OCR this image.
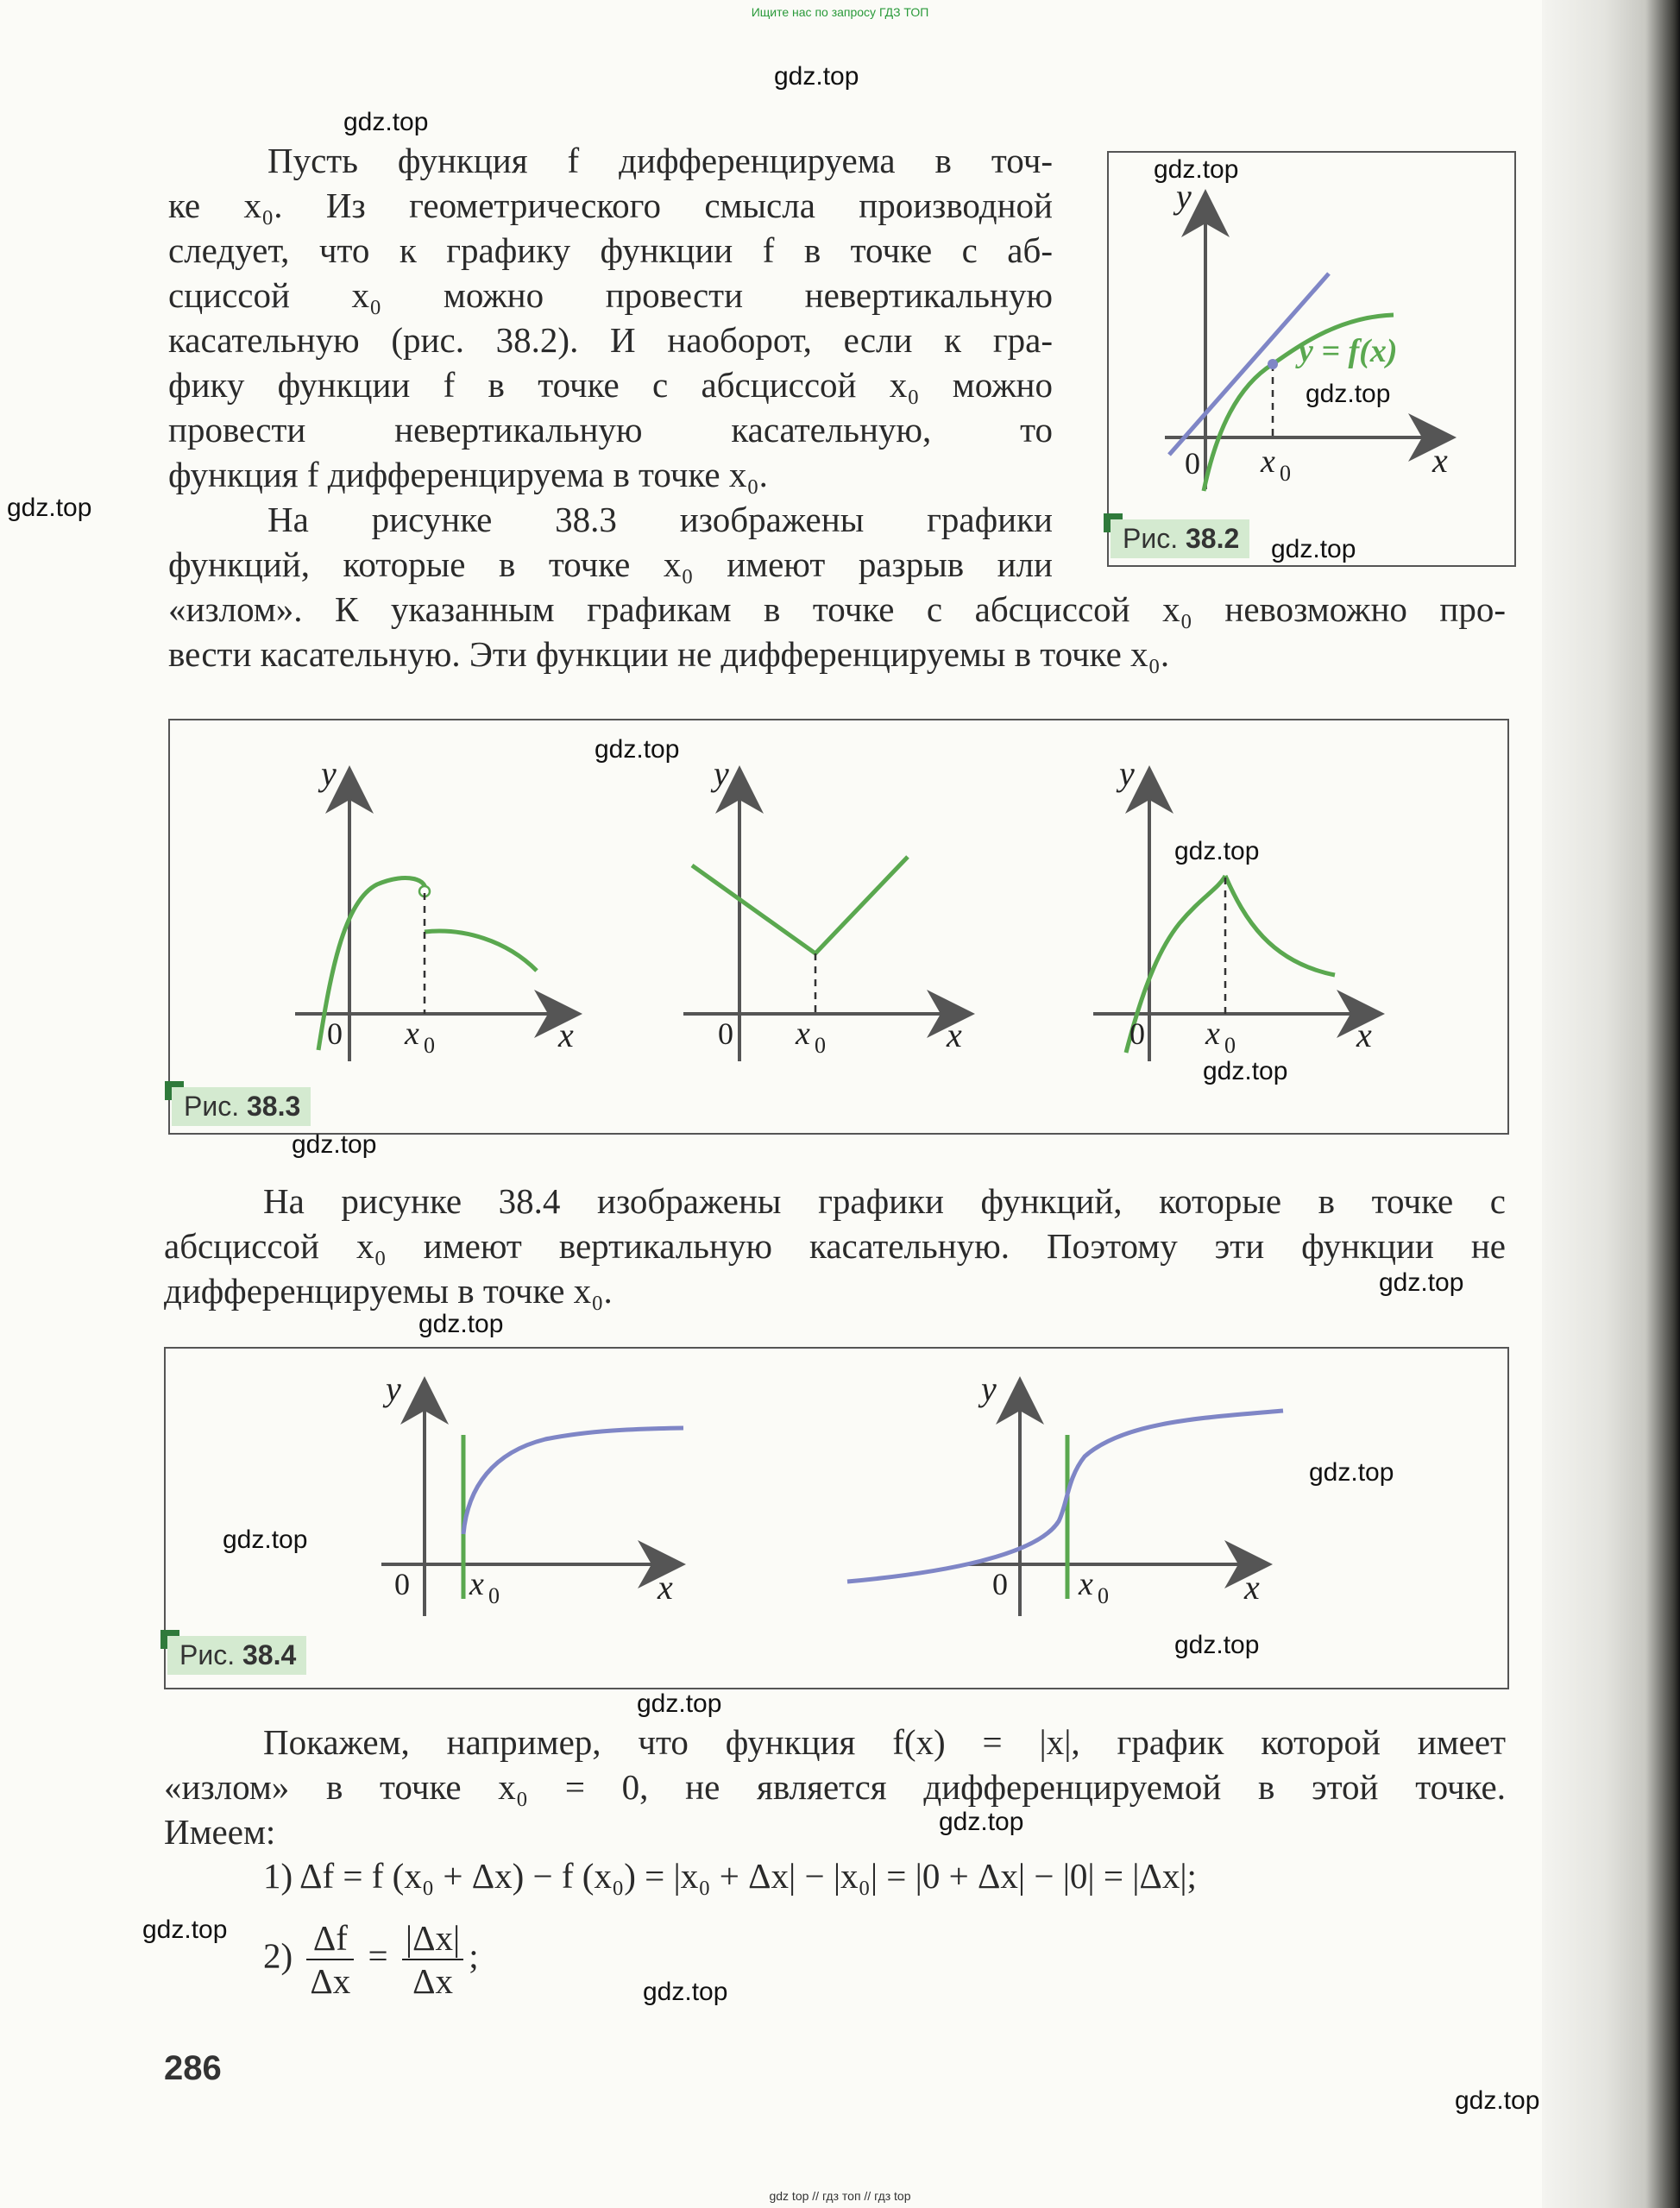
Ищите нас по запросу ГДЗ ТОП
Пусть функция f дифференцируема в точ-
ке x₀. Из геометрического смысла производной
следует, что к графику функции f в точке с аб-
сциссой x₀ можно провести невертикальную
касательную (рис. 38.2). И наоборот, если к гра-
фику функции f в точке с абсциссой x₀ можно
провести невертикальную касательную, то
функция f дифференцируема в точке x₀.
На рисунке 38.3 изображены графики
функций, которые в точке x₀ имеют разрыв или
«излом». К указанным графикам в точке с абсциссой x₀ невозможно про-
вести касательную. Эти функции не дифференцируемы в точке x₀.
y
x
0 x 0
y = f(x)
Рис. 38.2
y
x
0 x 0
y
x
0 x 0
y
x
0 x 0
Рис. 38.3
На рисунке 38.4 изображены графики функций, которые в точке с
абсциссой x₀ имеют вертикальную касательную. Поэтому эти функции не
дифференцируемы в точке x₀.
y
x
0 x 0
y
x
0 x 0
Рис. 38.4
Покажем, например, что функция f(x) = |x|, график которой имеет
«излом» в точке x₀ = 0, не является дифференцируемой в этой точке.
Имеем:
1) Δf = f (x₀ + Δx) − f (x₀) = |x₀ + Δx| − |x₀| = |0 + Δx| − |0| = |Δx|;
$2) \frac{\Delta f}{\Delta x} = \frac{|\Delta x|}{\Delta x}$ ;
286
gdz.top
gdz.top
gdz.top
gdz.top
gdz.top
gdz.top
gdz.top
gdz.top
gdz.top
gdz.top
gdz.top
gdz.top
gdz.top
gdz.top
gdz.top
gdz.top
gdz.top
gdz.top
gdz.top
gdz.top
gdz top // гдз топ // гдз top
